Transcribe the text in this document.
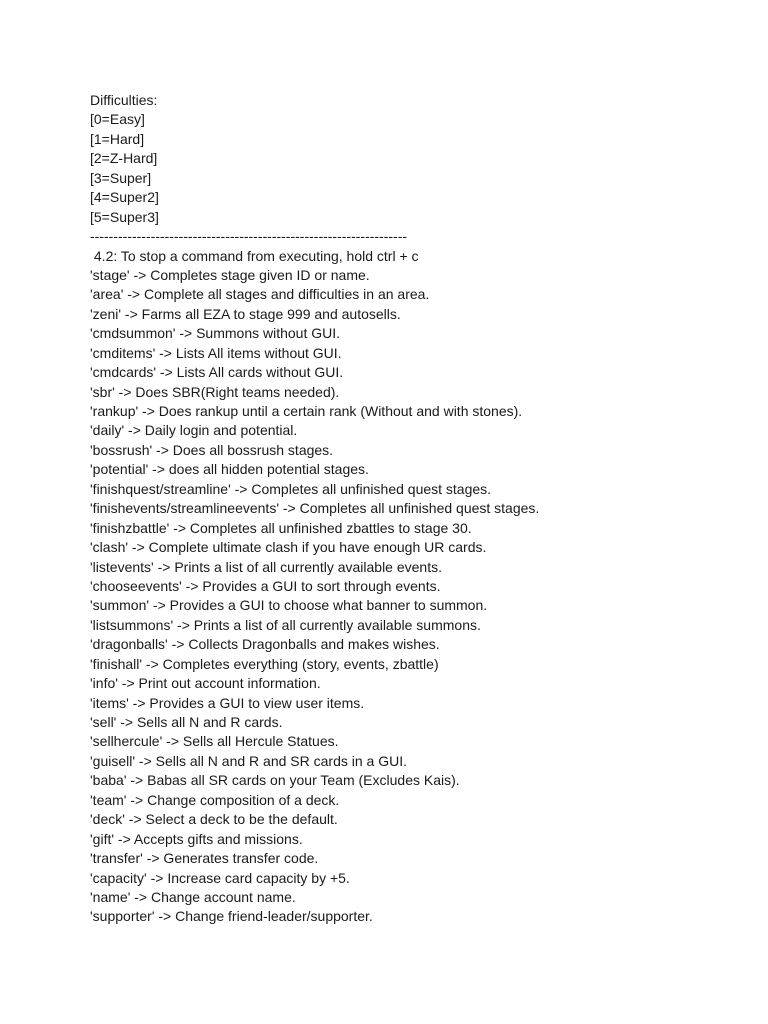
Difficulties:
[0=Easy]
[1=Hard]
[2=Z-Hard]
[3=Super]
[4=Super2]
[5=Super3]
--------------------------------------------------------------------
4.2: To stop a command from executing, hold ctrl + c
'stage' -> Completes stage given ID or name.
'area' -> Complete all stages and difficulties in an area.
'zeni' -> Farms all EZA to stage 999 and autosells.
'cmdsummon' -> Summons without GUI.
'cmditems' -> Lists All items without GUI.
'cmdcards' -> Lists All cards without GUI.
'sbr' -> Does SBR(Right teams needed).
'rankup' -> Does rankup until a certain rank (Without and with stones).
'daily' -> Daily login and potential.
'bossrush' -> Does all bossrush stages.
'potential' -> does all hidden potential stages.
'finishquest/streamline' -> Completes all unfinished quest stages.
'finishevents/streamlineevents' -> Completes all unfinished quest stages.
'finishzbattle' -> Completes all unfinished zbattles to stage 30.
'clash' -> Complete ultimate clash if you have enough UR cards.
'listevents' -> Prints a list of all currently available events.
'chooseevents' -> Provides a GUI to sort through events.
'summon' -> Provides a GUI to choose what banner to summon.
'listsummons' -> Prints a list of all currently available summons.
'dragonballs' -> Collects Dragonballs and makes wishes.
'finishall' -> Completes everything (story, events, zbattle)
'info' -> Print out account information.
'items' -> Provides a GUI to view user items.
'sell' -> Sells all N and R cards.
'sellhercule' -> Sells all Hercule Statues.
'guisell' -> Sells all N and R and SR cards in a GUI.
'baba' -> Babas all SR cards on your Team (Excludes Kais).
'team' -> Change composition of a deck.
'deck' -> Select a deck to be the default.
'gift' -> Accepts gifts and missions.
'transfer' -> Generates transfer code.
'capacity' -> Increase card capacity by +5.
'name' -> Change account name.
'supporter' -> Change friend-leader/supporter.
